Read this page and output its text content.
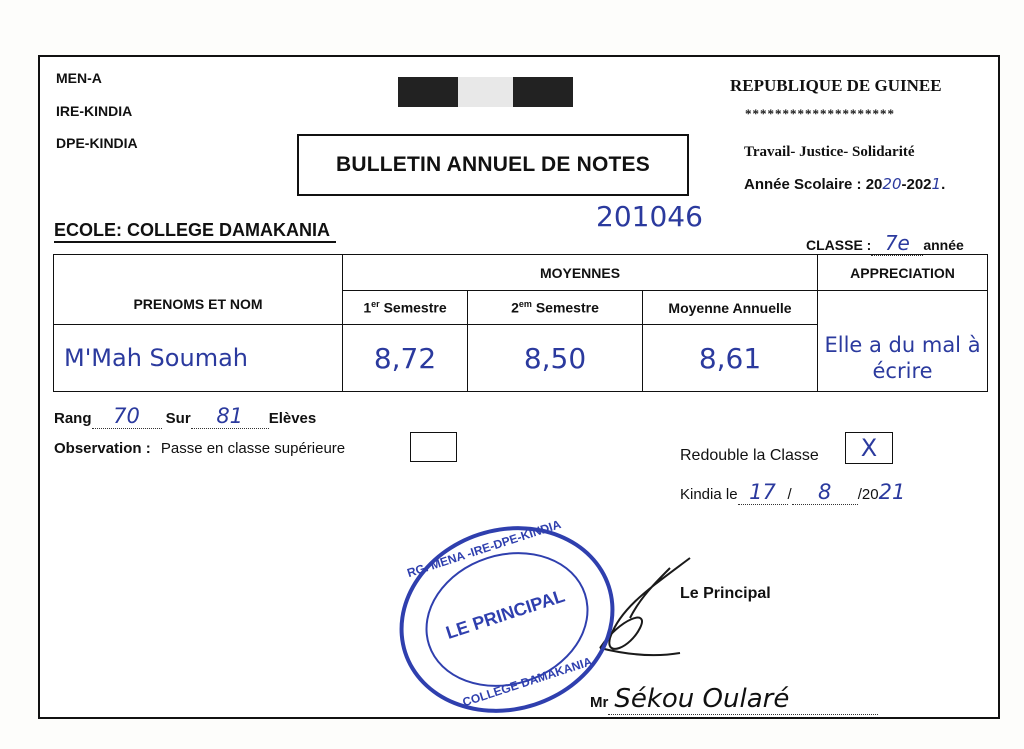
MEN-A
IRE-KINDIA
DPE-KINDIA
BULLETIN ANNUEL DE NOTES
REPUBLIQUE DE GUINEE
********************
Travail- Justice- Solidarité
Année Scolaire : 2020-2021.
ECOLE: COLLEGE DAMAKANIA	201046
CLASSE : 7e année
PRENOMS ET NOM	MOYENNES			APPRECIATION
	1er Semestre	$2^{em}$ Semestre	Moyenne Annuelle	
M'Mah Soumah	8,72	8,50	8,61	Elle a du mal à écrire
Rang 70 Sur 81 Elèves
Observation : Passe en classe supérieure	Redouble la Classe	X
Kindia le 17 / 8 /2021
Le Principal
Mr Sékou Oularé
RG. MENA -IRE-DPE-KINDIA
LE PRINCIPAL
COLLEGE DAMAKANIA
